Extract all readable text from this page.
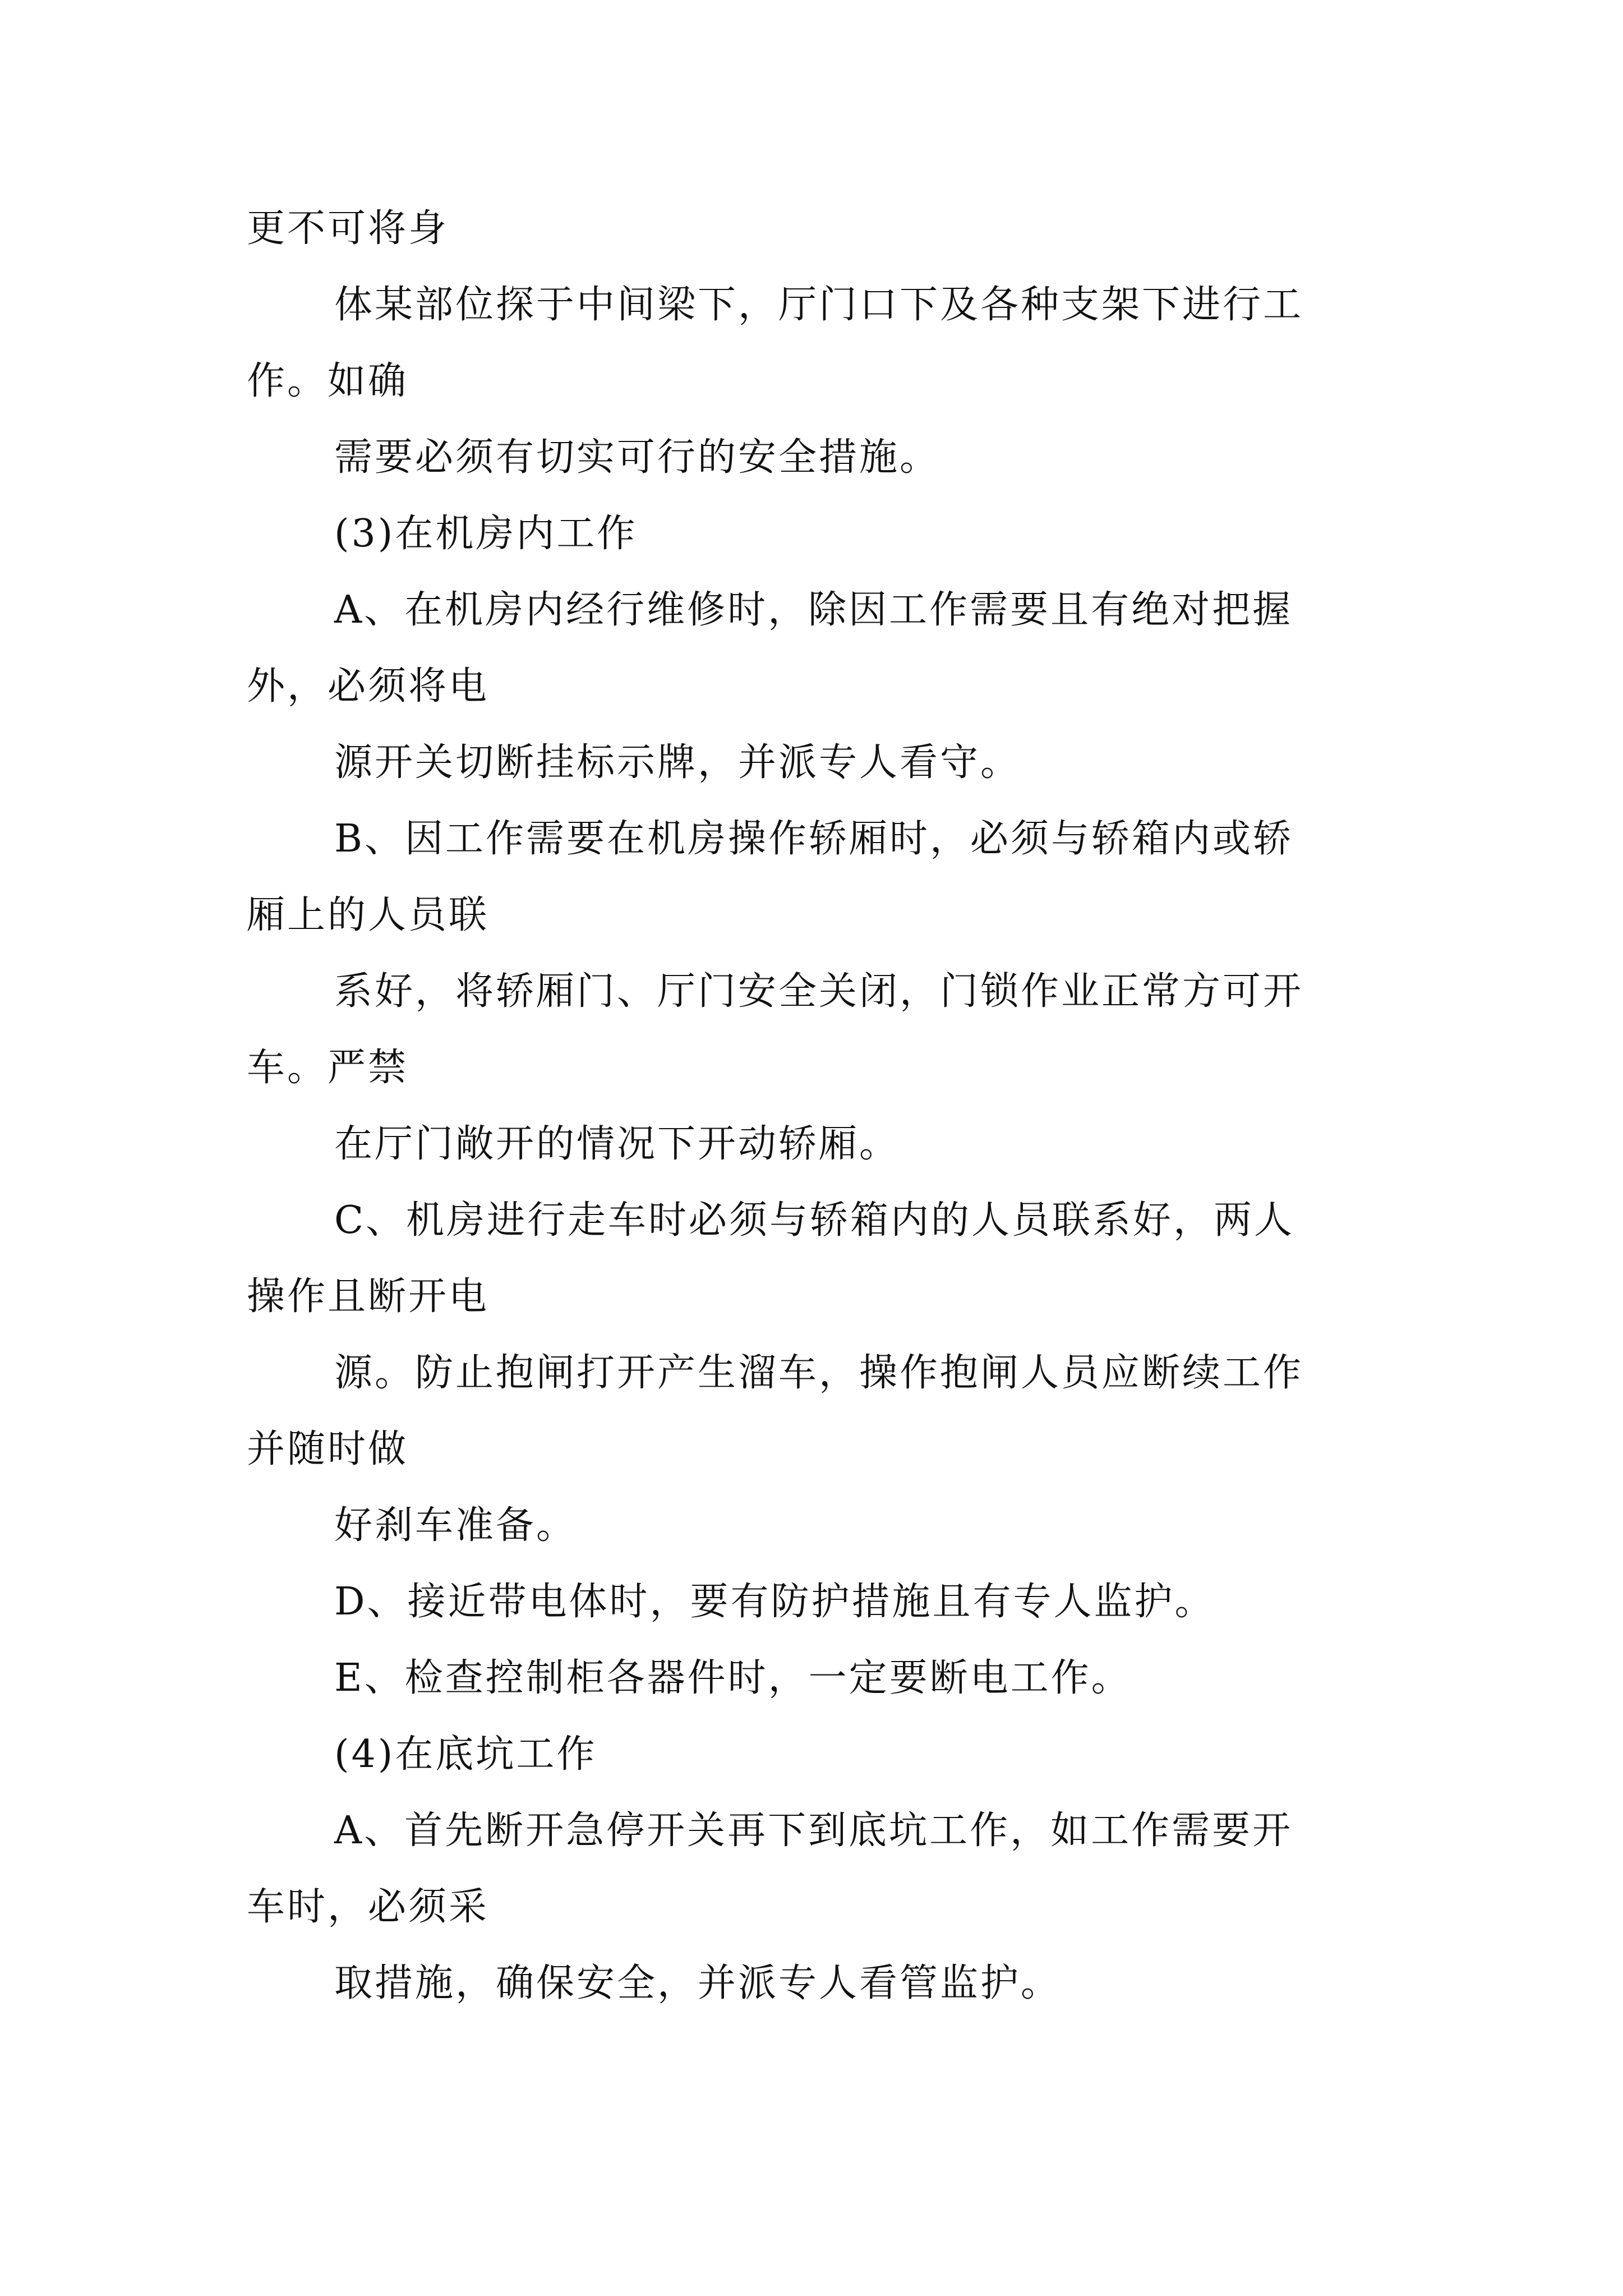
更不可将身
体某部位探于中间梁下，厅门口下及各种支架下进行工
作。如确
需要必须有切实可行的安全措施。
(3)在机房内工作
A、在机房内经行维修时，除因工作需要且有绝对把握
外，必须将电
源开关切断挂标示牌，并派专人看守。
B、因工作需要在机房操作轿厢时，必须与轿箱内或轿
厢上的人员联
系好，将轿厢门、厅门安全关闭，门锁作业正常方可开
车。严禁
在厅门敞开的情况下开动轿厢。
C、机房进行走车时必须与轿箱内的人员联系好，两人
操作且断开电
源。防止抱闸打开产生溜车，操作抱闸人员应断续工作
并随时做
好刹车准备。
D、接近带电体时，要有防护措施且有专人监护。
E、检查控制柜各器件时，一定要断电工作。
(4)在底坑工作
A、首先断开急停开关再下到底坑工作，如工作需要开
车时，必须采
取措施，确保安全，并派专人看管监护。
